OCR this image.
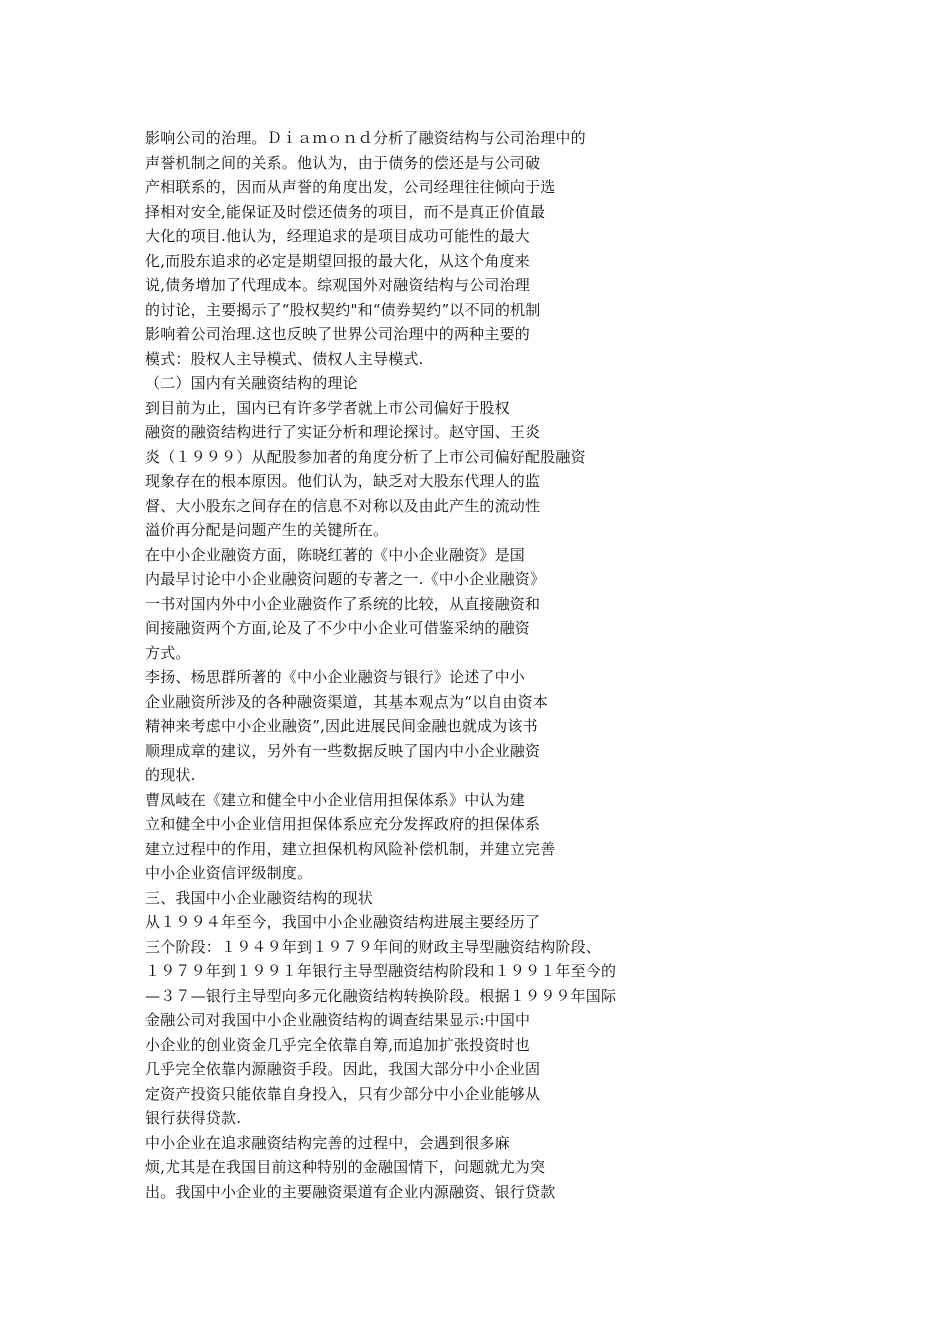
影响公司的治理。Ｄｉａｍｏｎｄ分析了融资结构与公司治理中的
声誉机制之间的关系。他认为，由于债务的偿还是与公司破
产相联系的，因而从声誉的角度出发，公司经理往往倾向于选
择相对安全,能保证及时偿还债务的项目，而不是真正价值最
大化的项目.他认为，经理追求的是项目成功可能性的最大
化,而股东追求的必定是期望回报的最大化，从这个角度来
说,债务增加了代理成本。综观国外对融资结构与公司治理
的讨论，主要揭示了“股权契约"和“债券契约”以不同的机制
影响着公司治理.这也反映了世界公司治理中的两种主要的
模式：股权人主导模式、债权人主导模式.
（二）国内有关融资结构的理论
到目前为止，国内已有许多学者就上市公司偏好于股权
融资的融资结构进行了实证分析和理论探讨。赵守国、王炎
炎（１９９９）从配股参加者的角度分析了上市公司偏好配股融资
现象存在的根本原因。他们认为，缺乏对大股东代理人的监
督、大小股东之间存在的信息不对称以及由此产生的流动性
溢价再分配是问题产生的关键所在。
在中小企业融资方面，陈晓红著的《中小企业融资》是国
内最早讨论中小企业融资问题的专著之一.《中小企业融资》
一书对国内外中小企业融资作了系统的比较，从直接融资和
间接融资两个方面,论及了不少中小企业可借鉴采纳的融资
方式。
李扬、杨思群所著的《中小企业融资与银行》论述了中小
企业融资所涉及的各种融资渠道，其基本观点为“以自由资本
精神来考虑中小企业融资”,因此进展民间金融也就成为该书
顺理成章的建议，另外有一些数据反映了国内中小企业融资
的现状.
曹凤岐在《建立和健全中小企业信用担保体系》中认为建
立和健全中小企业信用担保体系应充分发挥政府的担保体系
建立过程中的作用，建立担保机构风险补偿机制，并建立完善
中小企业资信评级制度。
三、我国中小企业融资结构的现状
从１９９４年至今，我国中小企业融资结构进展主要经历了
三个阶段：１９４９年到１９７９年间的财政主导型融资结构阶段、
１９７９年到１９９１年银行主导型融资结构阶段和１９９１年至今的
—３７—银行主导型向多元化融资结构转换阶段。根据１９９９年国际
金融公司对我国中小企业融资结构的调查结果显示:中国中
小企业的创业资金几乎完全依靠自筹,而追加扩张投资时也
几乎完全依靠内源融资手段。因此，我国大部分中小企业固
定资产投资只能依靠自身投入，只有少部分中小企业能够从
银行获得贷款.
中小企业在追求融资结构完善的过程中，会遇到很多麻
烦,尤其是在我国目前这种特别的金融国情下，问题就尤为突
出。我国中小企业的主要融资渠道有企业内源融资、银行贷款
